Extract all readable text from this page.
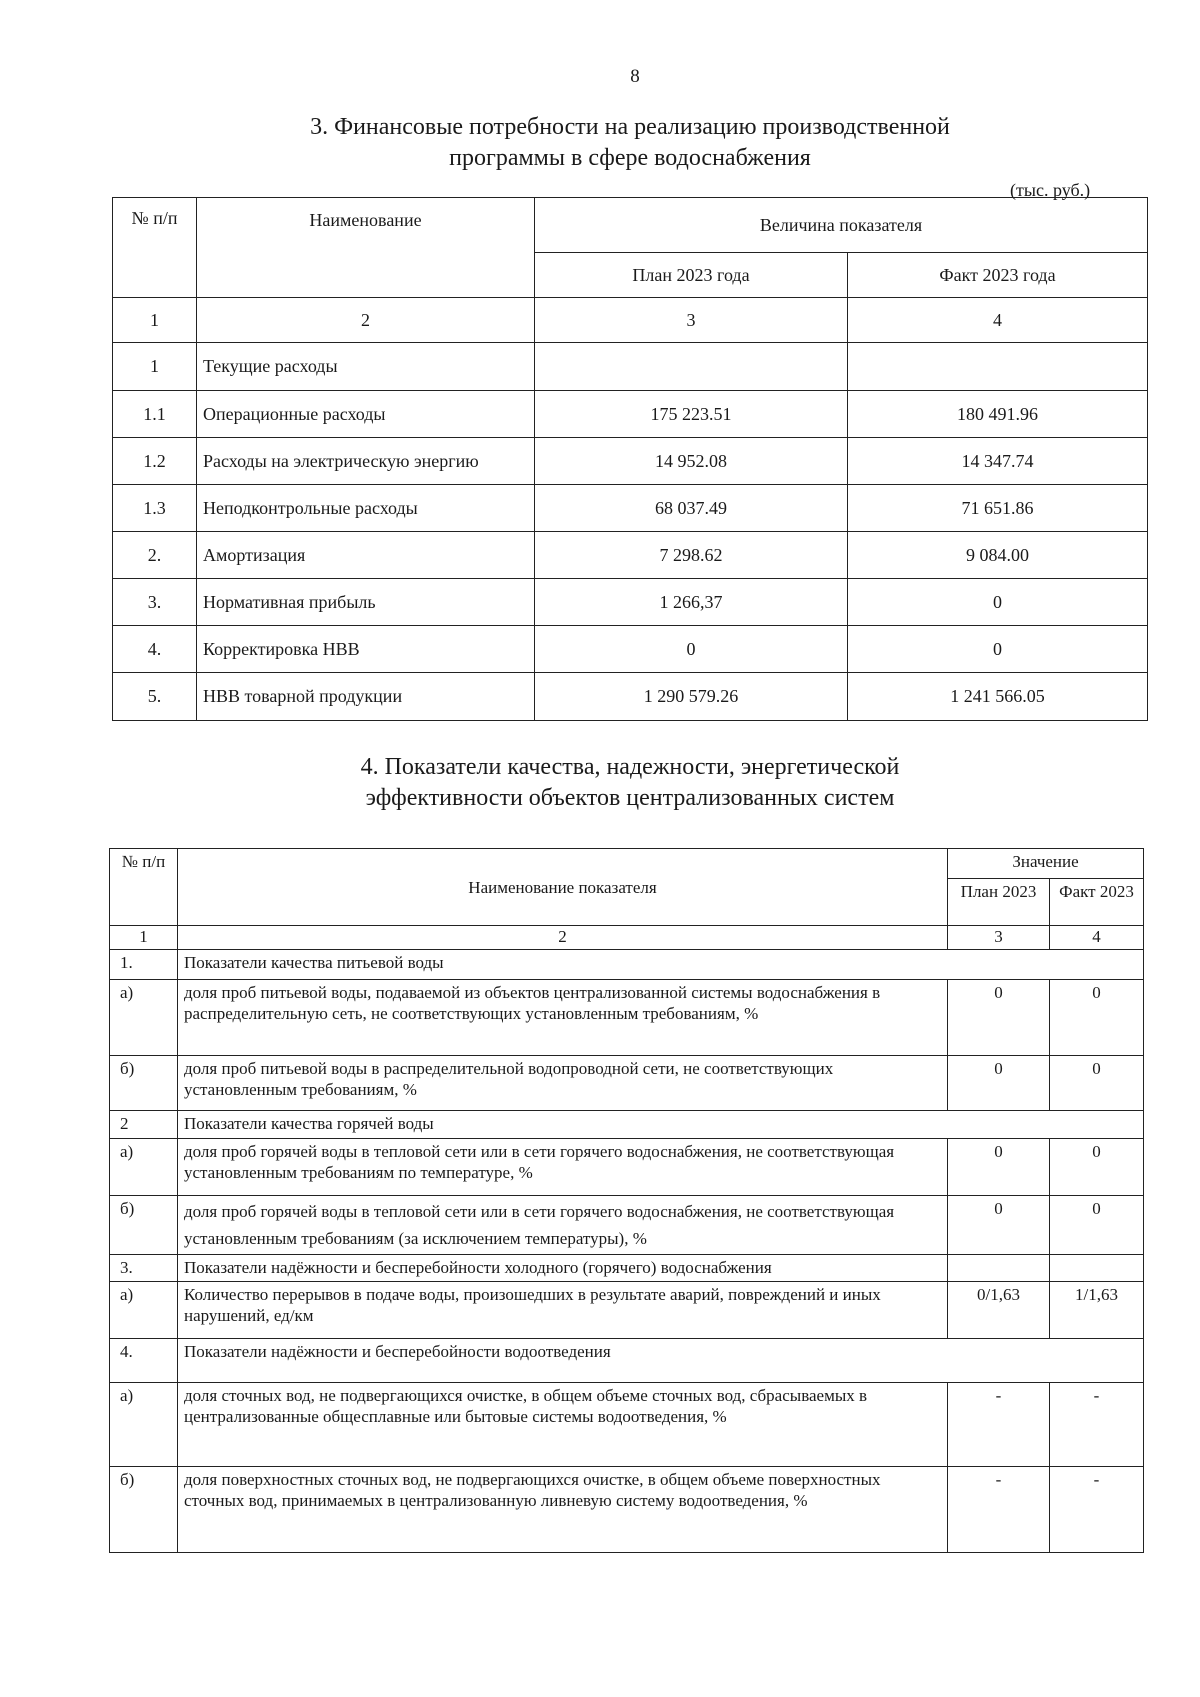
8
3. Финансовые потребности на реализацию производственной программы в сфере водоснабжения
(тыс. руб.)
№ п/п	Наименование	Величина показателя	
		План 2023 года	Факт 2023 года
1	2	3	4
1	Текущие расходы		
1.1	Операционные расходы	175 223.51	180 491.96
1.2	Расходы на электрическую энергию	14 952.08	14 347.74
1.3	Неподконтрольные расходы	68 037.49	71 651.86
2.	Амортизация	7 298.62	9 084.00
3.	Нормативная прибыль	1 266,37	0
4.	Корректировка НВВ	0	0
5.	НВВ товарной продукции	1 290 579.26	1 241 566.05
4. Показатели качества, надежности, энергетической эффективности объектов централизованных систем
№ п/п	Наименование показателя	Значение	
		План 2023	Факт 2023
1	2	3	4
1.	Показатели качества питьевой воды		
а)	доля проб питьевой воды, подаваемой из объектов централизованной системы водоснабжения в распределительную сеть, не соответствующих установленным требованиям, %	0	0
б)	доля проб питьевой воды в распределительной водопроводной сети, не соответствующих установленным требованиям, %	0	0
2	Показатели качества горячей воды		
а)	доля проб горячей воды в тепловой сети или в сети горячего водоснабжения, не соответствующая установленным требованиям по температуре, %	0	0
б)	доля проб горячей воды в тепловой сети или в сети горячего водоснабжения, не соответствующая установленным требованиям (за исключением температуры), %	0	0
3.	Показатели надёжности и бесперебойности холодного (горячего) водоснабжения		
а)	Количество перерывов в подаче воды, произошедших в результате аварий, повреждений и иных нарушений, ед/км	0/1,63	1/1,63
4.	Показатели надёжности и бесперебойности водоотведения		
а)	доля сточных вод, не подвергающихся очистке, в общем объеме сточных вод, сбрасываемых в централизованные общесплавные или бытовые системы водоотведения, %	-	-
б)	доля поверхностных сточных вод, не подвергающихся очистке, в общем объеме поверхностных сточных вод, принимаемых в централизованную ливневую систему водоотведения, %	-	-
